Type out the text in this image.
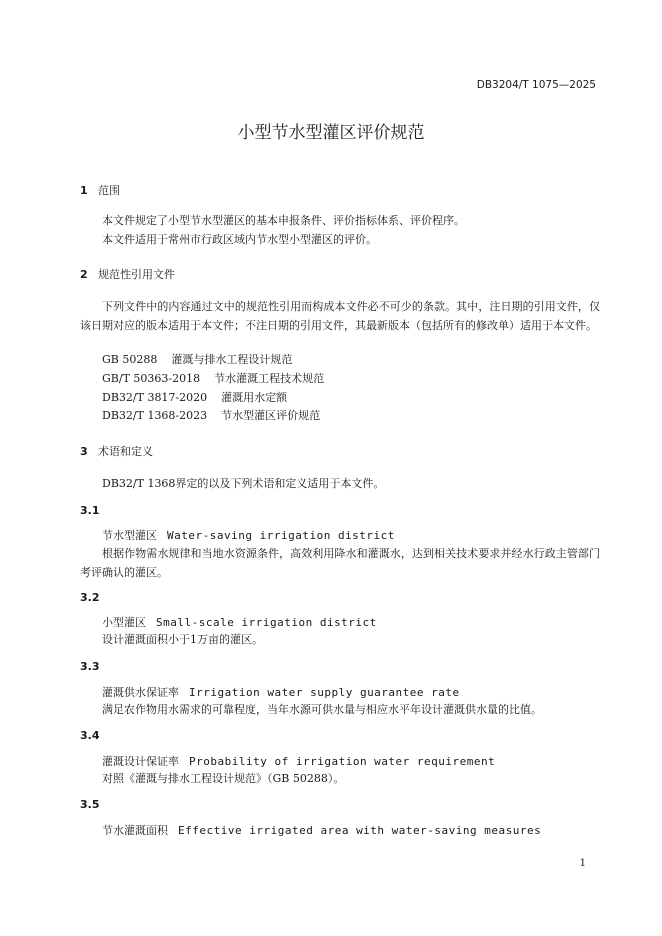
DB3204/T 1075—2025
小型节水型灌区评价规范
1 范围
本文件规定了小型节水型灌区的基本申报条件、评价指标体系、评价程序。
本文件适用于常州市行政区域内节水型小型灌区的评价。
2 规范性引用文件
下列文件中的内容通过文中的规范性引用而构成本文件必不可少的条款。其中，注日期的引用文件，仅该日期对应的版本适用于本文件；不注日期的引用文件，其最新版本（包括所有的修改单）适用于本文件。
GB 50288 灌溉与排水工程设计规范
GB/T 50363-2018 节水灌溉工程技术规范
DB32/T 3817-2020 灌溉用水定额
DB32/T 1368-2023 节水型灌区评价规范
3 术语和定义
DB32/T 1368界定的以及下列术语和定义适用于本文件。
3.1
节水型灌区 Water-saving irrigation district
根据作物需水规律和当地水资源条件，高效利用降水和灌溉水，达到相关技术要求并经水行政主管部门考评确认的灌区。
3.2
小型灌区 Small-scale irrigation district
设计灌溉面积小于1万亩的灌区。
3.3
灌溉供水保证率 Irrigation water supply guarantee rate
满足农作物用水需求的可靠程度，当年水源可供水量与相应水平年设计灌溉供水量的比值。
3.4
灌溉设计保证率 Probability of irrigation water requirement
对照《灌溉与排水工程设计规范》（GB 50288）。
3.5
节水灌溉面积 Effective irrigated area with water-saving measures
1
